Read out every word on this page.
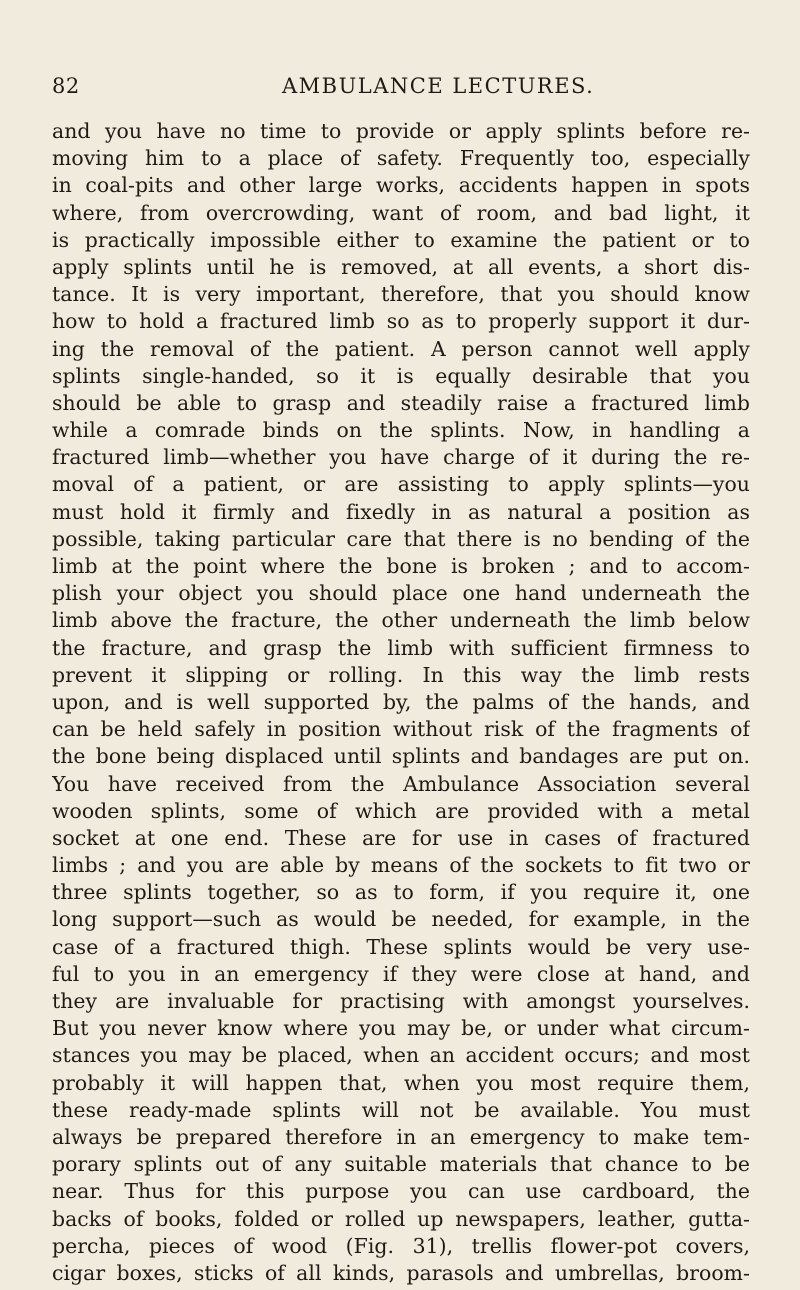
82	AMBULANCE LECTURES.
and you have no time to provide or apply splints before re-
moving him to a place of safety. Frequently too, especially
in coal-pits and other large works, accidents happen in spots
where, from overcrowding, want of room, and bad light, it
is practically impossible either to examine the patient or to
apply splints until he is removed, at all events, a short dis-
tance. It is very important, therefore, that you should know
how to hold a fractured limb so as to properly support it dur-
ing the removal of the patient. A person cannot well apply
splints single-handed, so it is equally desirable that you
should be able to grasp and steadily raise a fractured limb
while a comrade binds on the splints. Now, in handling a
fractured limb—whether you have charge of it during the re-
moval of a patient, or are assisting to apply splints—you
must hold it firmly and fixedly in as natural a position as
possible, taking particular care that there is no bending of the
limb at the point where the bone is broken ; and to accom-
plish your object you should place one hand underneath the
limb above the fracture, the other underneath the limb below
the fracture, and grasp the limb with sufficient firmness to
prevent it slipping or rolling. In this way the limb rests
upon, and is well supported by, the palms of the hands, and
can be held safely in position without risk of the fragments of
the bone being displaced until splints and bandages are put on.
You have received from the Ambulance Association several
wooden splints, some of which are provided with a metal
socket at one end. These are for use in cases of fractured
limbs ; and you are able by means of the sockets to fit two or
three splints together, so as to form, if you require it, one
long support—such as would be needed, for example, in the
case of a fractured thigh. These splints would be very use-
ful to you in an emergency if they were close at hand, and
they are invaluable for practising with amongst yourselves.
But you never know where you may be, or under what circum-
stances you may be placed, when an accident occurs; and most
probably it will happen that, when you most require them,
these ready-made splints will not be available. You must
always be prepared therefore in an emergency to make tem-
porary splints out of any suitable materials that chance to be
near. Thus for this purpose you can use cardboard, the
backs of books, folded or rolled up newspapers, leather, gutta-
percha, pieces of wood (Fig. 31), trellis flower-pot covers,
cigar boxes, sticks of all kinds, parasols and umbrellas, broom-
